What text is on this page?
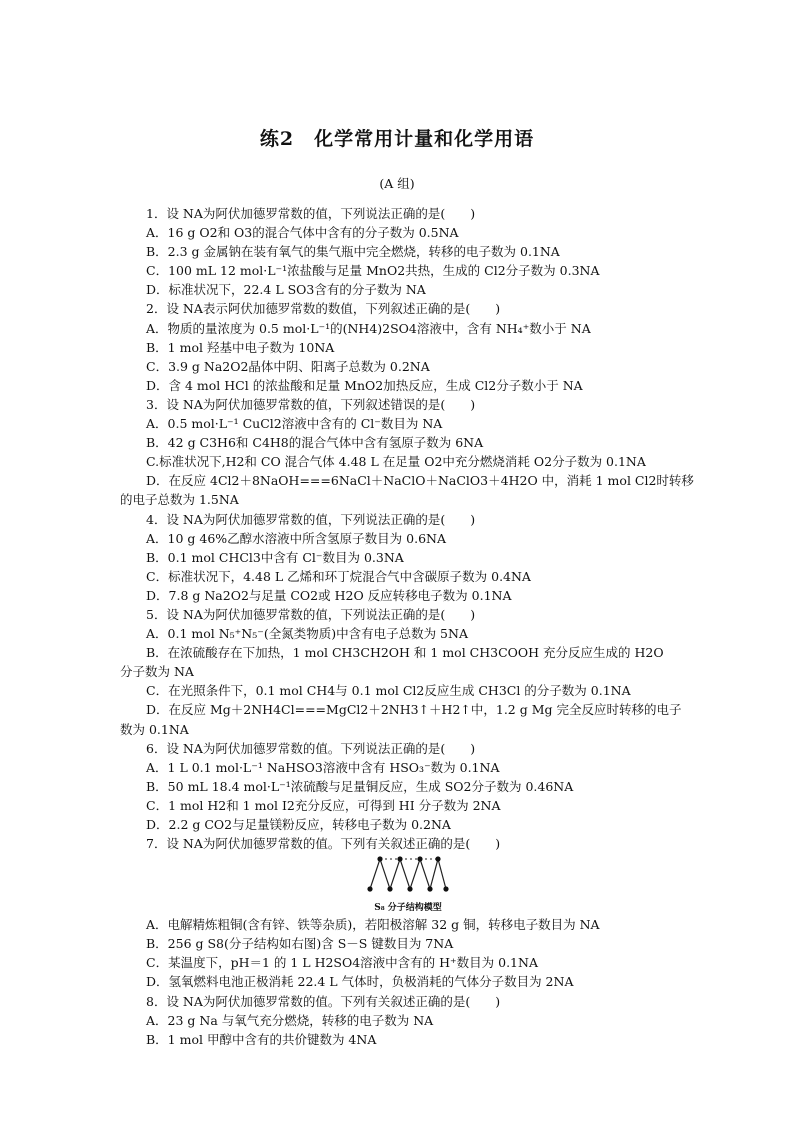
练2　化学常用计量和化学用语
(A 组)
1．设 NA为阿伏加德罗常数的值，下列说法正确的是(　　)
A．16 g O2和 O3的混合气体中含有的分子数为 0.5NA
B．2.3 g 金属钠在装有氧气的集气瓶中完全燃烧，转移的电子数为 0.1NA
C．100 mL 12 mol·L⁻¹浓盐酸与足量 MnO2共热，生成的 Cl2分子数为 0.3NA
D．标准状况下，22.4 L SO3含有的分子数为 NA
2．设 NA表示阿伏加德罗常数的数值，下列叙述正确的是(　　)
A．物质的量浓度为 0.5 mol·L⁻¹的(NH4)2SO4溶液中，含有 NH₄⁺数小于 NA
B．1 mol 羟基中电子数为 10NA
C．3.9 g Na2O2晶体中阴、阳离子总数为 0.2NA
D．含 4 mol HCl 的浓盐酸和足量 MnO2加热反应，生成 Cl2分子数小于 NA
3．设 NA为阿伏加德罗常数的值，下列叙述错误的是(　　)
A．0.5 mol·L⁻¹ CuCl2溶液中含有的 Cl⁻数目为 NA
B．42 g C3H6和 C4H8的混合气体中含有氢原子数为 6NA
C.标准状况下,H2和 CO 混合气体 4.48 L 在足量 O2中充分燃烧消耗 O2分子数为 0.1NA
D．在反应 4Cl2＋8NaOH===6NaCl＋NaClO＋NaClO3＋4H2O 中，消耗 1 mol Cl2时转移
的电子总数为 1.5NA
4．设 NA为阿伏加德罗常数的值，下列说法正确的是(　　)
A．10 g 46%乙醇水溶液中所含氢原子数目为 0.6NA
B．0.1 mol CHCl3中含有 Cl⁻数目为 0.3NA
C．标准状况下，4.48 L 乙烯和环丁烷混合气中含碳原子数为 0.4NA
D．7.8 g Na2O2与足量 CO2或 H2O 反应转移电子数为 0.1NA
5．设 NA为阿伏加德罗常数的值，下列说法正确的是(　　)
A．0.1 mol N₅⁺N₅⁻(全氮类物质)中含有电子总数为 5NA
B．在浓硫酸存在下加热，1 mol CH3CH2OH 和 1 mol CH3COOH 充分反应生成的 H2O
分子数为 NA
C．在光照条件下，0.1 mol CH4与 0.1 mol Cl2反应生成 CH3Cl 的分子数为 0.1NA
D．在反应 Mg＋2NH4Cl===MgCl2＋2NH3↑＋H2↑中，1.2 g Mg 完全反应时转移的电子
数为 0.1NA
6．设 NA为阿伏加德罗常数的值。下列说法正确的是(　　)
A．1 L 0.1 mol·L⁻¹ NaHSO3溶液中含有 HSO₃⁻数为 0.1NA
B．50 mL 18.4 mol·L⁻¹浓硫酸与足量铜反应，生成 SO2分子数为 0.46NA
C．1 mol H2和 1 mol I2充分反应，可得到 HI 分子数为 2NA
D．2.2 g CO2与足量镁粉反应，转移电子数为 0.2NA
7．设 NA为阿伏加德罗常数的值。下列有关叙述正确的是(　　)
S₈ 分子结构模型
A．电解精炼粗铜(含有锌、铁等杂质)，若阳极溶解 32 g 铜，转移电子数目为 NA
B．256 g S8(分子结构如右图)含 S－S 键数目为 7NA
C．某温度下，pH＝1 的 1 L H2SO4溶液中含有的 H⁺数目为 0.1NA
D．氢氧燃料电池正极消耗 22.4 L 气体时，负极消耗的气体分子数目为 2NA
8．设 NA为阿伏加德罗常数的值。下列有关叙述正确的是(　　)
A．23 g Na 与氧气充分燃烧，转移的电子数为 NA
B．1 mol 甲醇中含有的共价键数为 4NA
